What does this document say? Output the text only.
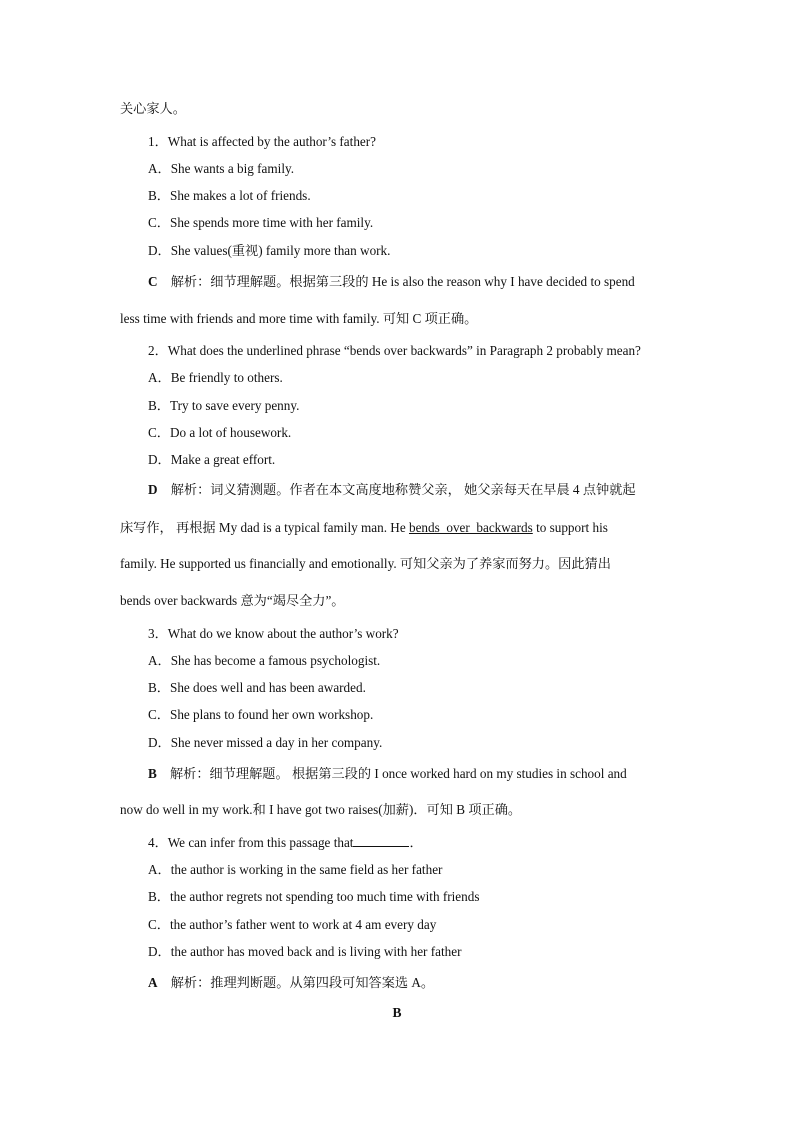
关心家人。
1．What is affected by the author’s father?
A．She wants a big family.
B．She makes a lot of friends.
C．She spends more time with her family.
D．She values(重视) family more than work.
C 解析：细节理解题。根据第三段的 He is also the reason why I have decided to spend
less time with friends and more time with family. 可知 C 项正确。
2．What does the underlined phrase “bends over backwards” in Paragraph 2 probably mean?
A．Be friendly to others.
B．Try to save every penny.
C．Do a lot of housework.
D．Make a great effort.
D 解析：词义猜测题。作者在本文高度地称赞父亲， 她父亲每天在早晨 4 点钟就起
床写作， 再根据 My dad is a typical family man. He bends  over  backwards to support his
family. He supported us financially and emotionally. 可知父亲为了养家而努力。因此猜出
bends over backwards 意为“竭尽全力”。
3．What do we know about the author’s work?
A．She has become a famous psychologist.
B．She does well and has been awarded.
C．She plans to found her own workshop.
D．She never missed a day in her company.
B 解析：细节理解题。 根据第三段的 I once worked hard on my studies in school and
now do well in my work.和 I have got two raises(加薪)．可知 B 项正确。
4．We can infer from this passage that	．
A．the author is working in the same field as her father
B．the author regrets not spending too much time with friends
C．the author’s father went to work at 4 am every day
D．the author has moved back and is living with her father
A 解析：推理判断题。从第四段可知答案选 A。
B
